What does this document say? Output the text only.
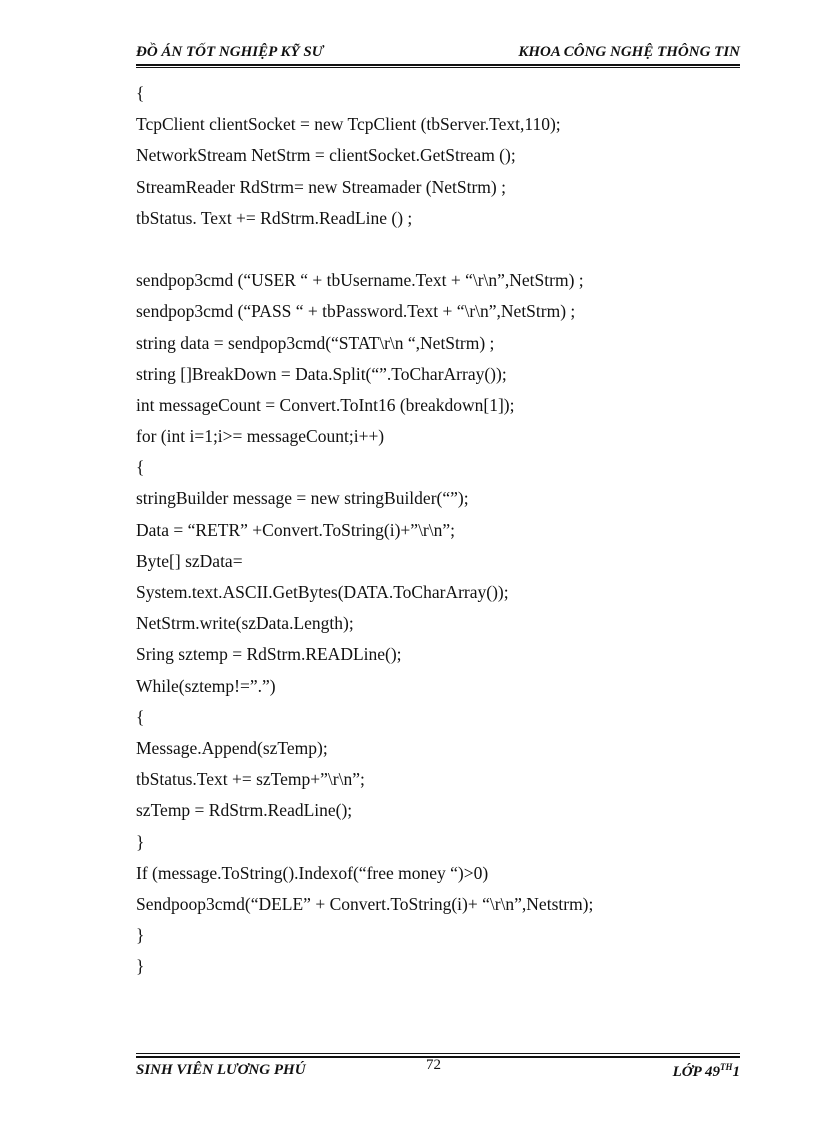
ĐỒ ÁN TỐT NGHIỆP KỸ SƯ	KHOA CÔNG NGHỆ THÔNG TIN
{
TcpClient clientSocket = new TcpClient (tbServer.Text,110);
NetworkStream NetStrm = clientSocket.GetStream ();
StreamReader RdStrm= new Streamader (NetStrm) ;
tbStatus. Text += RdStrm.ReadLine () ;
sendpop3cmd (“USER “ + tbUsername.Text + “\r\n”,NetStrm) ;
sendpop3cmd (“PASS “ + tbPassword.Text + “\r\n”,NetStrm) ;
string data = sendpop3cmd(“STAT\r\n “,NetStrm) ;
string []BreakDown = Data.Split(“”.ToCharArray());
int messageCount = Convert.ToInt16 (breakdown[1]);
for (int i=1;i>= messageCount;i++)
{
stringBuilder message = new stringBuilder(“”);
Data = “RETR” +Convert.ToString(i)+”\r\n”;
Byte[] szData=
System.text.ASCII.GetBytes(DATA.ToCharArray());
NetStrm.write(szData.Length);
Sring sztemp = RdStrm.READLine();
While(sztemp!=”.”)
{
Message.Append(szTemp);
tbStatus.Text += szTemp+”\r\n”;
szTemp = RdStrm.ReadLine();
}
If (message.ToString().Indexof(“free money “)>0)
Sendpoop3cmd(“DELE” + Convert.ToString(i)+ “\r\n”,Netstrm);
}
}
SINH VIÊN LƯƠNG PHÚ	72	LỚP 49TH1
